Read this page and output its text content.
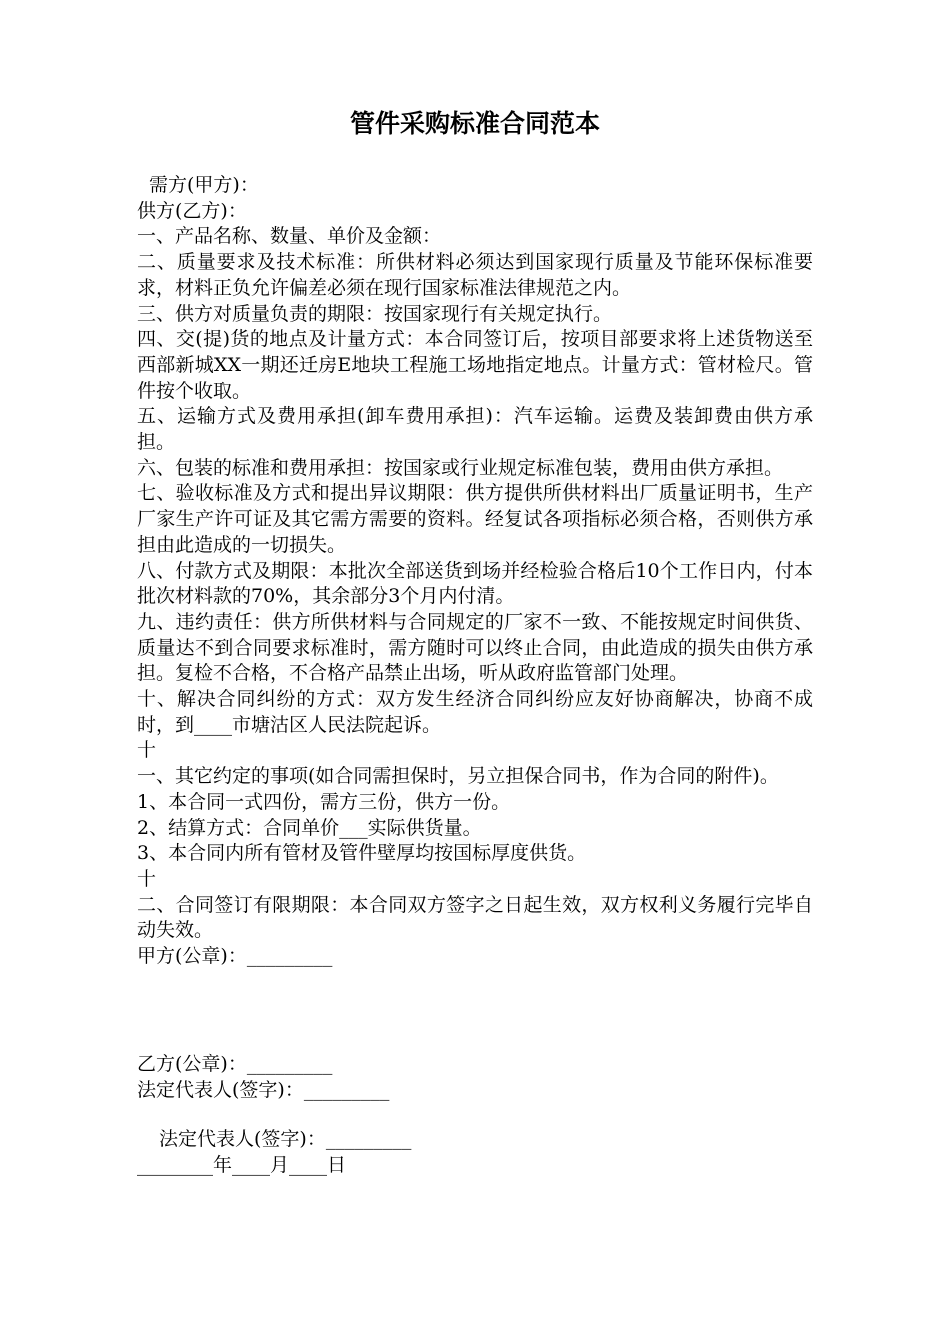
管件采购标准合同范本

需方(甲方)：

供方(乙方)：

一、产品名称、数量、单价及金额：

二、质量要求及技术标准：所供材料必须达到国家现行质量及节能环保标准要求，材料正负允许偏差必须在现行国家标准法律规范之内。

三、供方对质量负责的期限：按国家现行有关规定执行。

四、交(提)货的地点及计量方式：本合同签订后，按项目部要求将上述货物送至西部新城XX一期还迁房E地块工程施工场地指定地点。计量方式：管材检尺。管件按个收取。

五、运输方式及费用承担(卸车费用承担)：汽车运输。运费及装卸费由供方承担。

六、包装的标准和费用承担：按国家或行业规定标准包装，费用由供方承担。

七、验收标准及方式和提出异议期限：供方提供所供材料出厂质量证明书，生产厂家生产许可证及其它需方需要的资料。经复试各项指标必须合格，否则供方承担由此造成的一切损失。

八、付款方式及期限：本批次全部送货到场并经检验合格后10个工作日内，付本批次材料款的70%，其余部分3个月内付清。

九、违约责任：供方所供材料与合同规定的厂家不一致、不能按规定时间供货、质量达不到合同要求标准时，需方随时可以终止合同，由此造成的损失由供方承担。复检不合格，不合格产品禁止出场，听从政府监管部门处理。

十、解决合同纠纷的方式：双方发生经济合同纠纷应友好协商解决，协商不成时，到____市塘沽区人民法院起诉。

十

一、其它约定的事项(如合同需担保时，另立担保合同书，作为合同的附件)。

1、本合同一式四份，需方三份，供方一份。

2、结算方式：合同单价___实际供货量。

3、本合同内所有管材及管件壁厚均按国标厚度供货。

十

二、合同签订有限期限：本合同双方签字之日起生效，双方权利义务履行完毕自动失效。

甲方(公章)：_________

乙方(公章)：_________

法定代表人(签字)：_________

法定代表人(签字)：_________

________年____月____日
